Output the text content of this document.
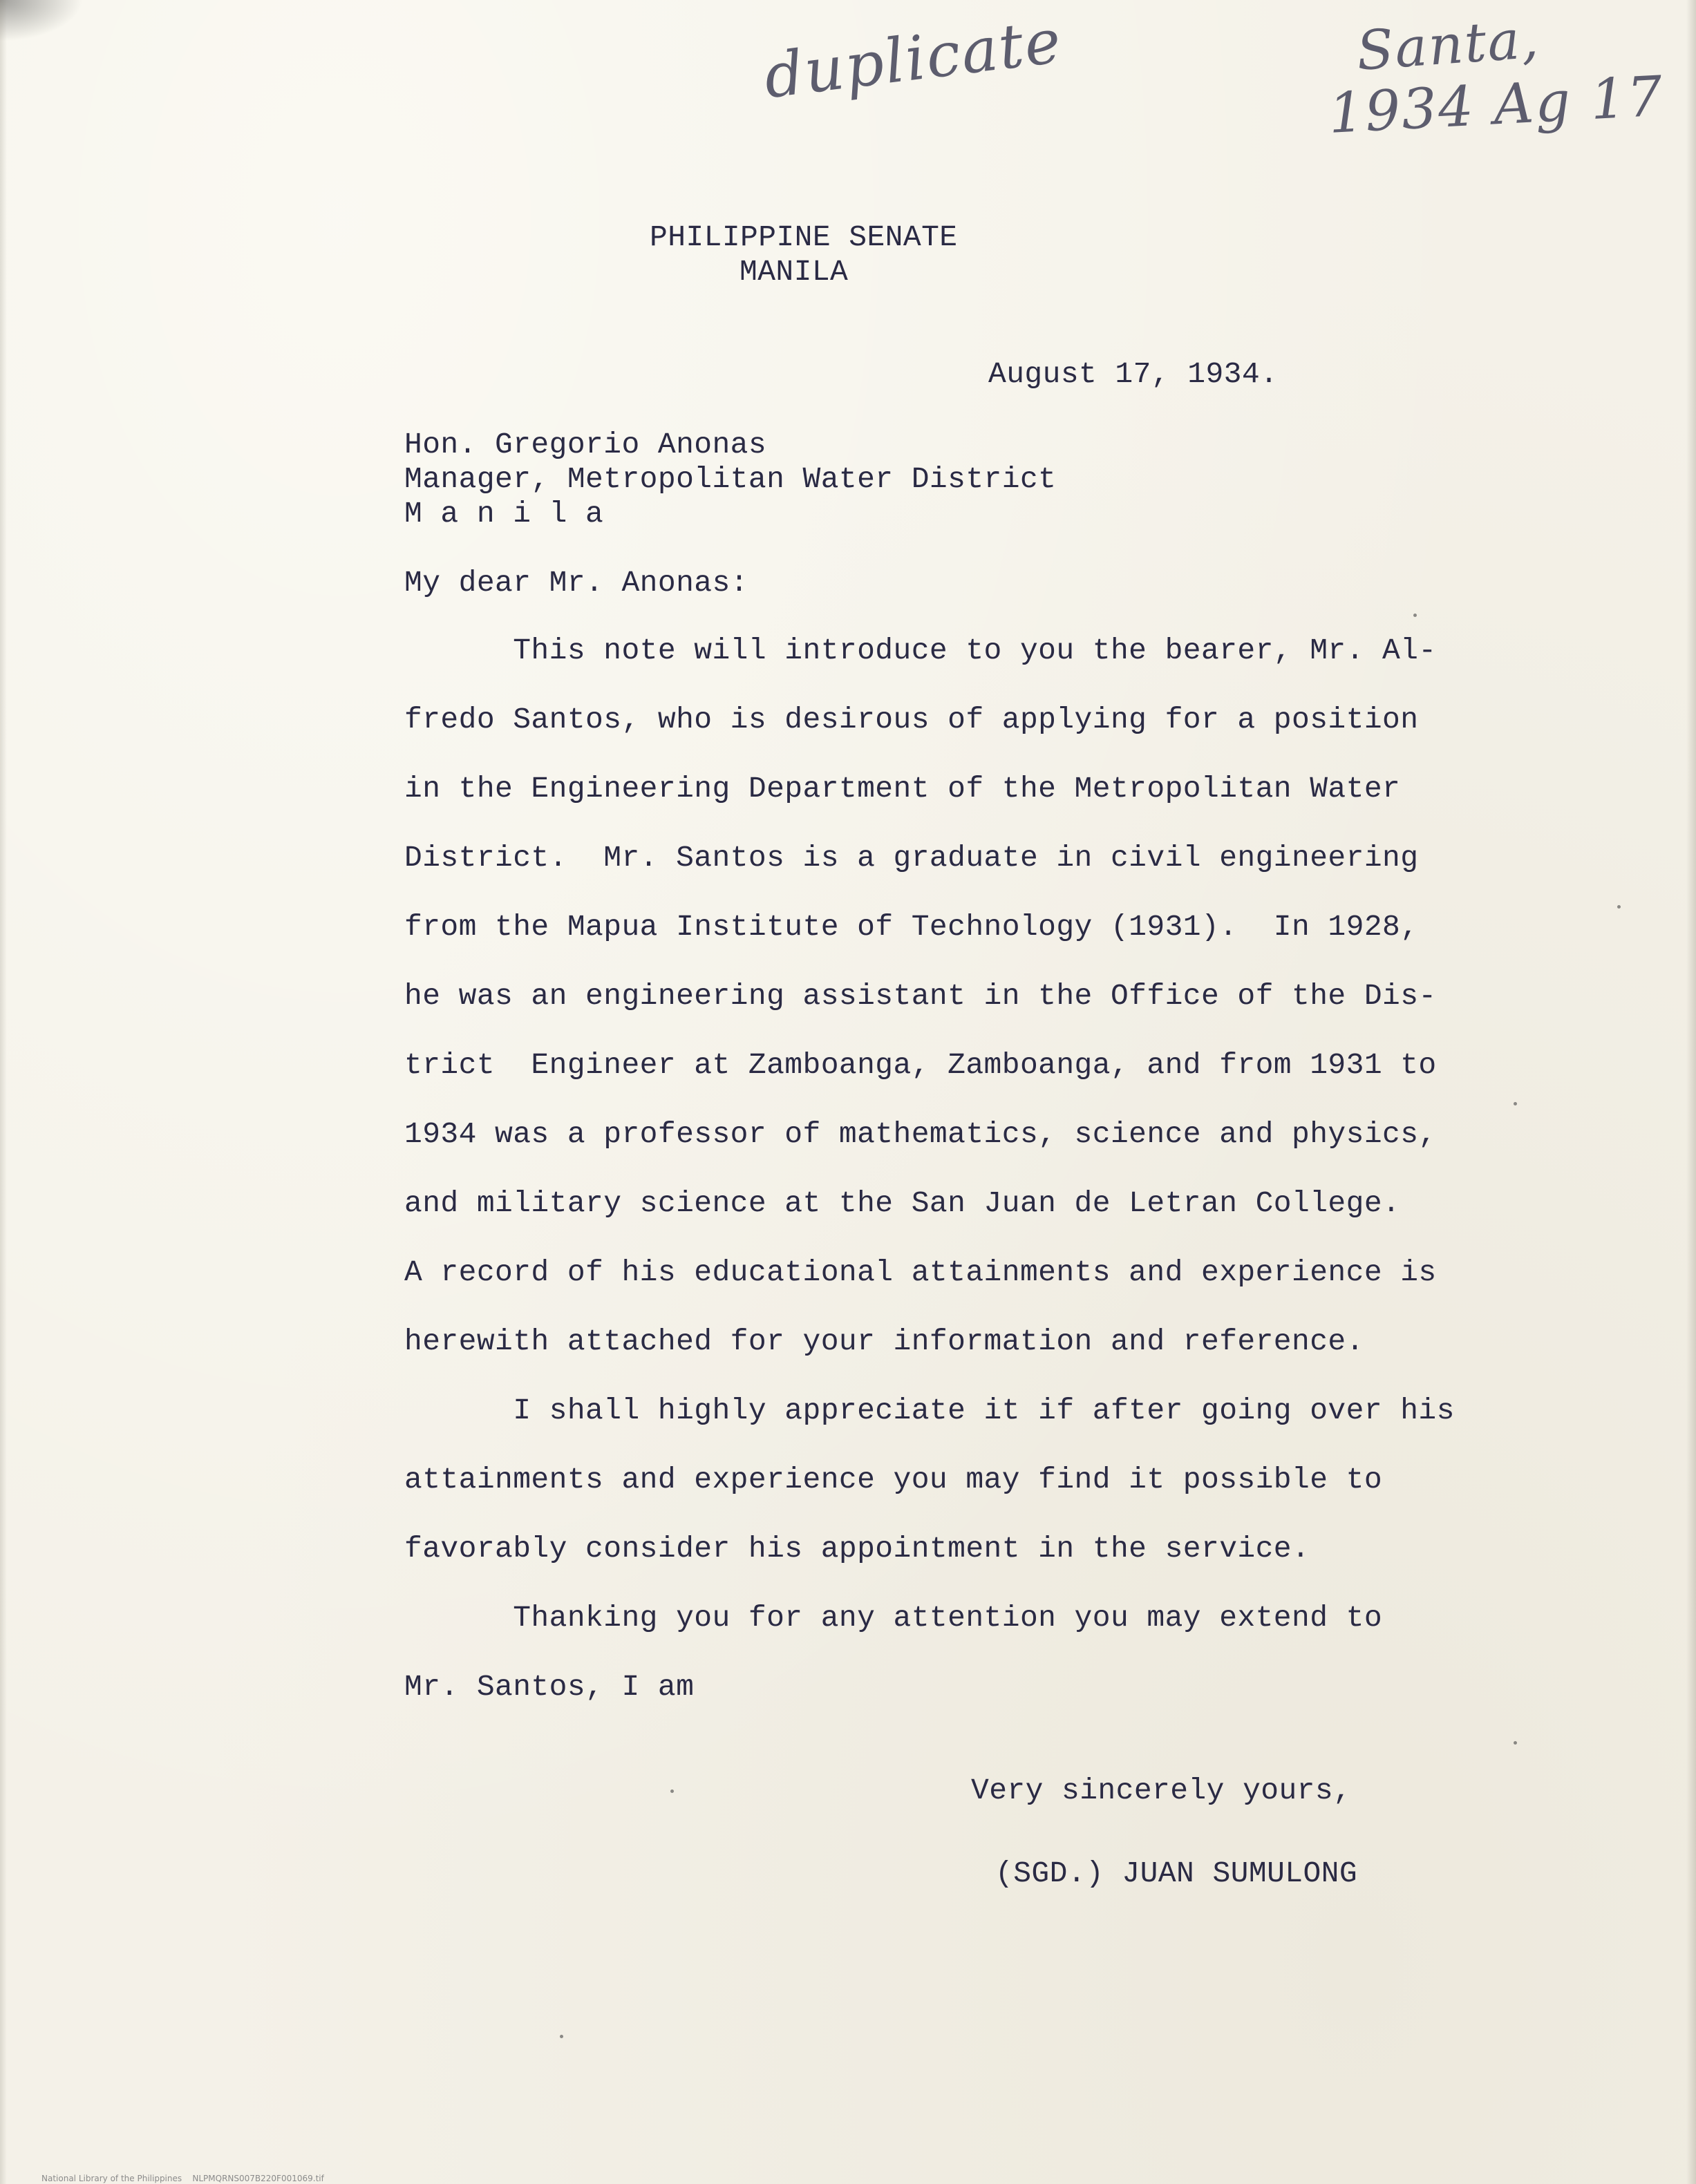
duplicate	Santa,
1934 Ag 17
PHILIPPINE SENATE
MANILA
August 17, 1934.
Hon. Gregorio Anonas
Manager, Metropolitan Water District
M a n i l a
My dear Mr. Anonas:
This note will introduce to you the bearer, Mr. Al-
fredo Santos, who is desirous of applying for a position
in the Engineering Department of the Metropolitan Water
District.  Mr. Santos is a graduate in civil engineering
from the Mapua Institute of Technology (1931).  In 1928,
he was an engineering assistant in the Office of the Dis-
trict  Engineer at Zamboanga, Zamboanga, and from 1931 to
1934 was a professor of mathematics, science and physics,
and military science at the San Juan de Letran College.
A record of his educational attainments and experience is
herewith attached for your information and reference.
I shall highly appreciate it if after going over his
attainments and experience you may find it possible to
favorably consider his appointment in the service.
Thanking you for any attention you may extend to
Mr. Santos, I am
Very sincerely yours,
(SGD.) JUAN SUMULONG
National Library of the Philippines    NLPMQRNS007B220F001069.tif
